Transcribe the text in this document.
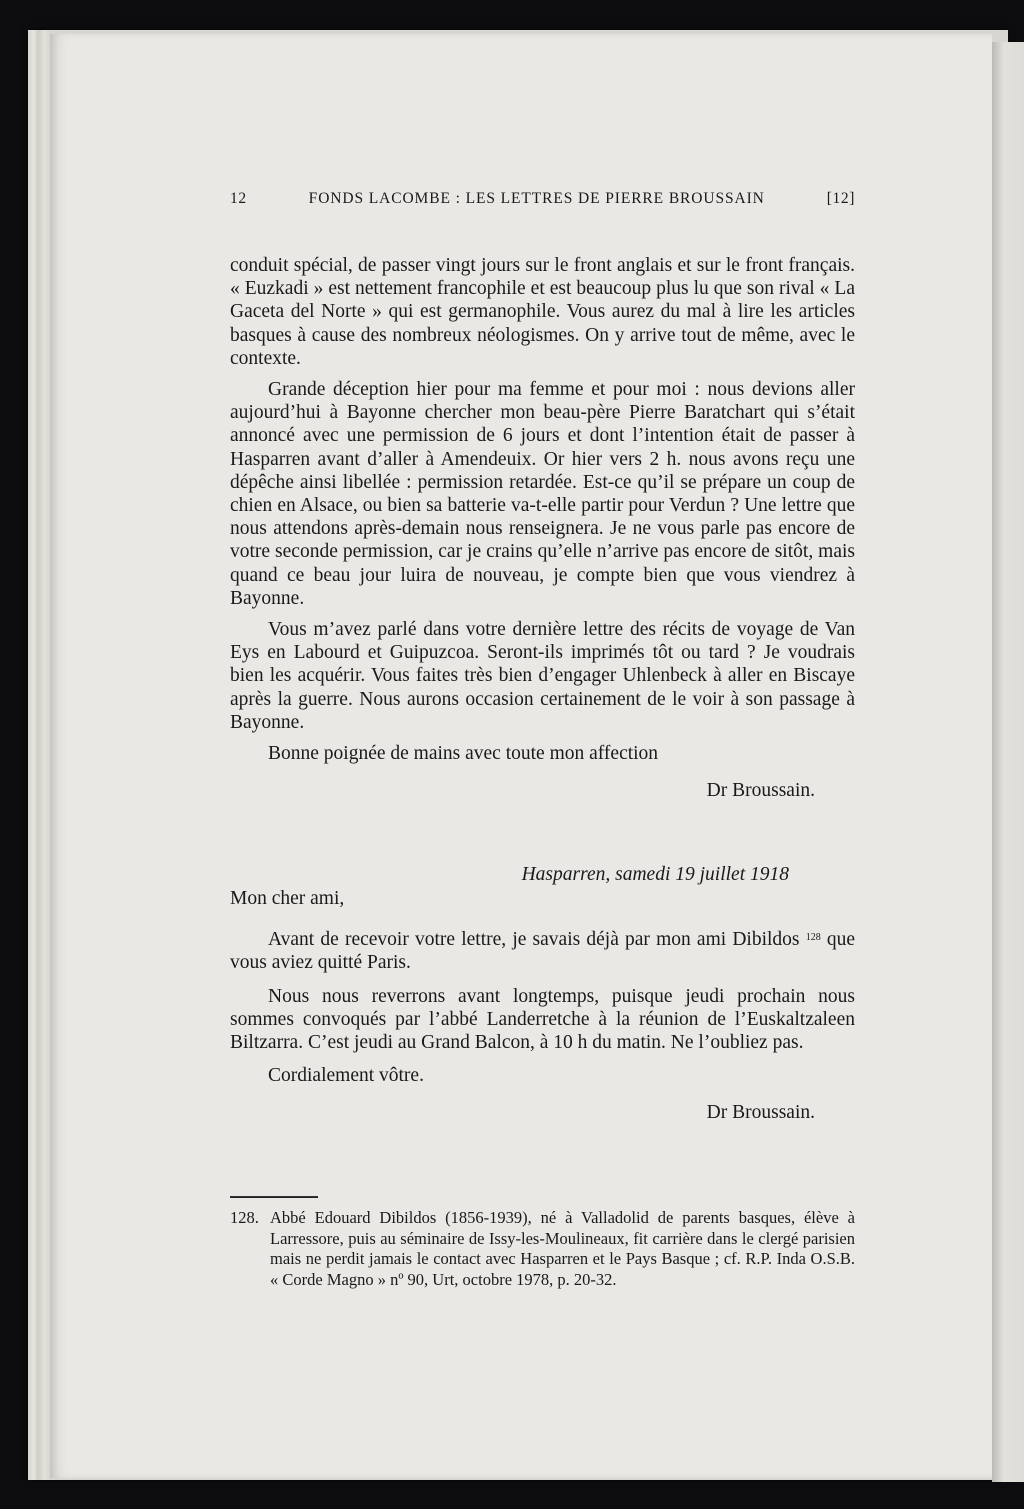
12	FONDS LACOMBE : LES LETTRES DE PIERRE BROUSSAIN	[12]

conduit spécial, de passer vingt jours sur le front anglais et sur le front français. « Euzkadi » est nettement francophile et est beaucoup plus lu que son rival « La Gaceta del Norte » qui est germanophile. Vous aurez du mal à lire les articles basques à cause des nombreux néologismes. On y arrive tout de même, avec le contexte.

Grande déception hier pour ma femme et pour moi : nous devions aller aujourd’hui à Bayonne chercher mon beau-père Pierre Baratchart qui s’était annoncé avec une permission de 6 jours et dont l’intention était de passer à Hasparren avant d’aller à Amendeuix. Or hier vers 2 h. nous avons reçu une dépêche ainsi libellée : permission retardée. Est-ce qu’il se prépare un coup de chien en Alsace, ou bien sa batterie va-t-elle partir pour Verdun ? Une lettre que nous attendons après-demain nous renseignera. Je ne vous parle pas encore de votre seconde permission, car je crains qu’elle n’arrive pas encore de sitôt, mais quand ce beau jour luira de nouveau, je compte bien que vous viendrez à Bayonne.

Vous m’avez parlé dans votre dernière lettre des récits de voyage de Van Eys en Labourd et Guipuzcoa. Seront-ils imprimés tôt ou tard ? Je voudrais bien les acquérir. Vous faites très bien d’engager Uhlenbeck à aller en Biscaye après la guerre. Nous aurons occasion certainement de le voir à son passage à Bayonne.

Bonne poignée de mains avec toute mon affection

Dr Broussain.
Hasparren, samedi 19 juillet 1918
Mon cher ami,

Avant de recevoir votre lettre, je savais déjà par mon ami Dibildos $^{128}$ que vous aviez quitté Paris.

Nous nous reverrons avant longtemps, puisque jeudi prochain nous sommes convoqués par l’abbé Landerretche à la réunion de l’Euskaltzaleen Biltzarra. C’est jeudi au Grand Balcon, à 10 h du matin. Ne l’oubliez pas.

Cordialement vôtre.

Dr Broussain.
128. Abbé Edouard Dibildos (1856-1939), né à Valladolid de parents basques, élève à Larressore, puis au séminaire de Issy-les-Moulineaux, fit carrière dans le clergé parisien mais ne perdit jamais le contact avec Hasparren et le Pays Basque ; cf. R.P. Inda O.S.B. « Corde Magno » nº 90, Urt, octobre 1978, p. 20-32.
